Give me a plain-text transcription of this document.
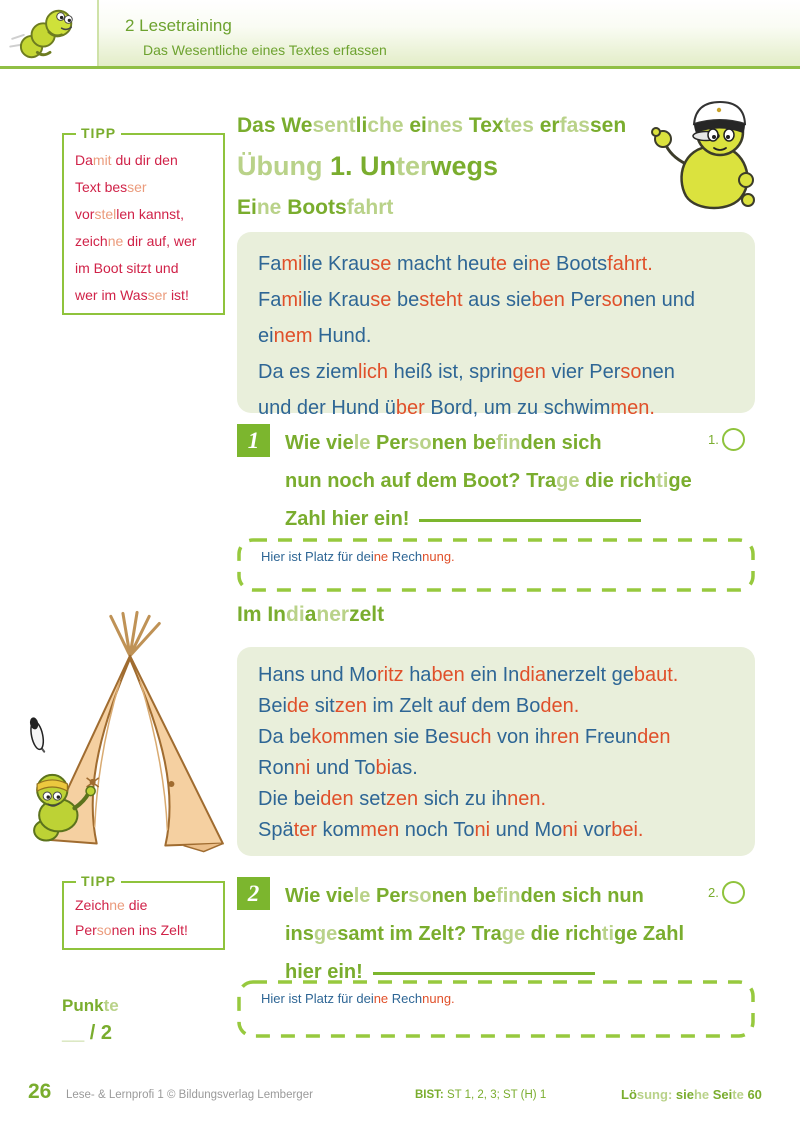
2 Lesetraining
Das Wesentliche eines Textes erfassen
TIPP
Damit du dir den
Text besser
vorstellen kannst,
zeichne dir auf, wer
im Boot sitzt und
wer im Wasser ist!
Das Wesentliche eines Textes erfassen
Übung 1. Unterwegs
Eine Bootsfahrt
Familie Krause macht heute eine Bootsfahrt.
Familie Krause besteht aus sieben Personen und
einem Hund.
Da es ziemlich heiß ist, springen vier Personen
und der Hund über Bord, um zu schwimmen.
1	Wie viele Personen befinden sich
nun noch auf dem Boot? Trage die richtige
Zahl hier ein!
1.
Hier ist Platz für deine Rechnung.
Im Indianerzelt
Hans und Moritz haben ein Indianerzelt gebaut.
Beide sitzen im Zelt auf dem Boden.
Da bekommen sie Besuch von ihren Freunden
Ronni und Tobias.
Die beiden setzen sich zu ihnen.
Später kommen noch Toni und Moni vorbei.
TIPP
Zeichne die
Personen ins Zelt!
2	Wie viele Personen befinden sich nun
insgesamt im Zelt? Trage die richtige Zahl
hier ein!
2.
Hier ist Platz für deine Rechnung.
Punkte
__ / 2
26 Lese- & Lernprofi 1 © Bildungsverlag Lemberger	BIST: ST 1, 2, 3; ST (H) 1	Lösung: siehe Seite 60
